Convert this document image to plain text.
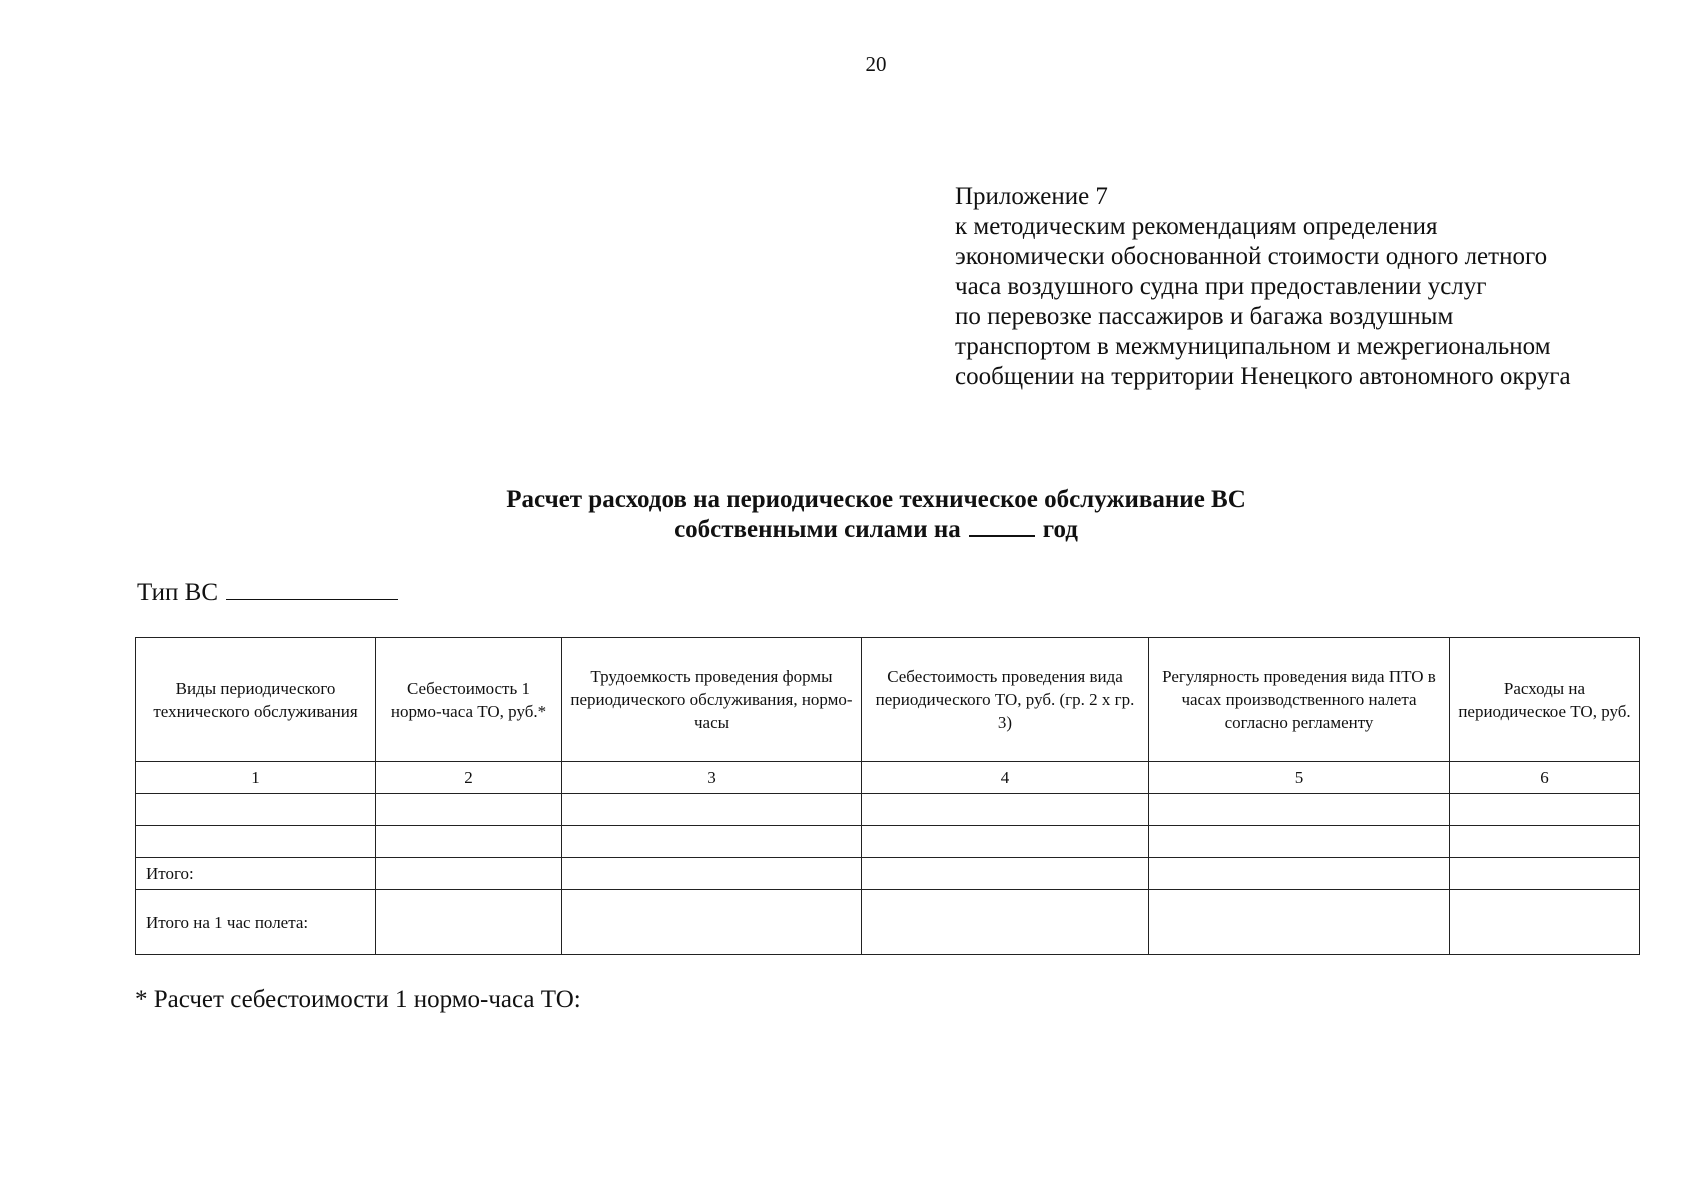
20
Приложение 7
к методическим рекомендациям определения
экономически обоснованной стоимости одного летного
часа воздушного судна при предоставлении услуг
по перевозке пассажиров и багажа воздушным
транспортом в межмуниципальном и межрегиональном
сообщении на территории Ненецкого автономного округа
Расчет расходов на периодическое техническое обслуживание ВС
собственными силами на	год
Тип ВС
Виды периодического технического обслуживания	Себестоимость 1 нормо-часа ТО, руб.*	Трудоемкость проведения формы периодического обслуживания, нормо-часы	Себестоимость проведения вида периодического ТО, руб. (гр. 2 х гр. 3)	Регулярность проведения вида ПТО в часах производственного налета согласно регламенту	Расходы на периодическое ТО, руб.
1	2	3	4	5	6

Итого:					
Итого на 1 час полета:					
* Расчет себестоимости 1 нормо-часа ТО:
